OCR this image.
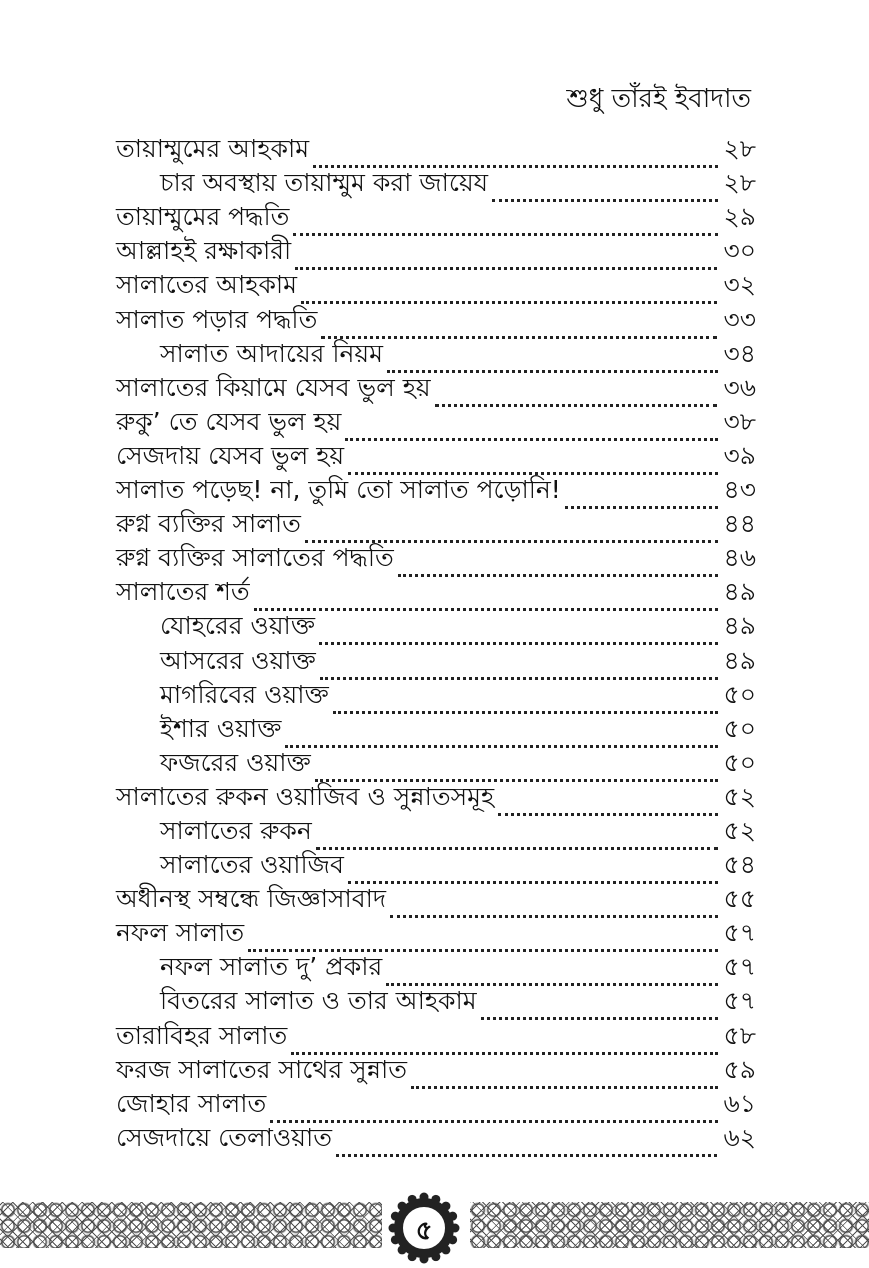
শুধু তাঁরই ইবাদাত
তায়াম্মুমের আহকাম	২৮
চার অবস্থায় তায়াম্মুম করা জায়েয	২৮
তায়াম্মুমের পদ্ধতি	২৯
আল্লাহই রক্ষাকারী	৩০
সালাতের আহকাম	৩২
সালাত পড়ার পদ্ধতি	৩৩
সালাত আদায়ের নিয়ম	৩৪
সালাতের কিয়ামে যেসব ভুল হয়	৩৬
রুকু’ তে যেসব ভুল হয়	৩৮
সেজদায় যেসব ভুল হয়	৩৯
সালাত পড়েছ! না, তুমি তো সালাত পড়োনি!	৪৩
রুগ্ন ব্যক্তির সালাত	৪৪
রুগ্ন ব্যক্তির সালাতের পদ্ধতি	৪৬
সালাতের শর্ত	৪৯
যোহরের ওয়াক্ত	৪৯
আসরের ওয়াক্ত	৪৯
মাগরিবের ওয়াক্ত	৫০
ইশার ওয়াক্ত	৫০
ফজরের ওয়াক্ত	৫০
সালাতের রুকন ওয়াজিব ও সুন্নাতসমূহ	৫২
সালাতের রুকন	৫২
সালাতের ওয়াজিব	৫৪
অধীনস্থ সম্বন্ধে জিজ্ঞাসাবাদ	৫৫
নফল সালাত	৫৭
নফল সালাত দু’ প্রকার	৫৭
বিতরের সালাত ও তার আহকাম	৫৭
তারাবিহর সালাত	৫৮
ফরজ সালাতের সাথের সুন্নাত	৫৯
জোহার সালাত	৬১
সেজদায়ে তেলাওয়াত	৬২
৫
